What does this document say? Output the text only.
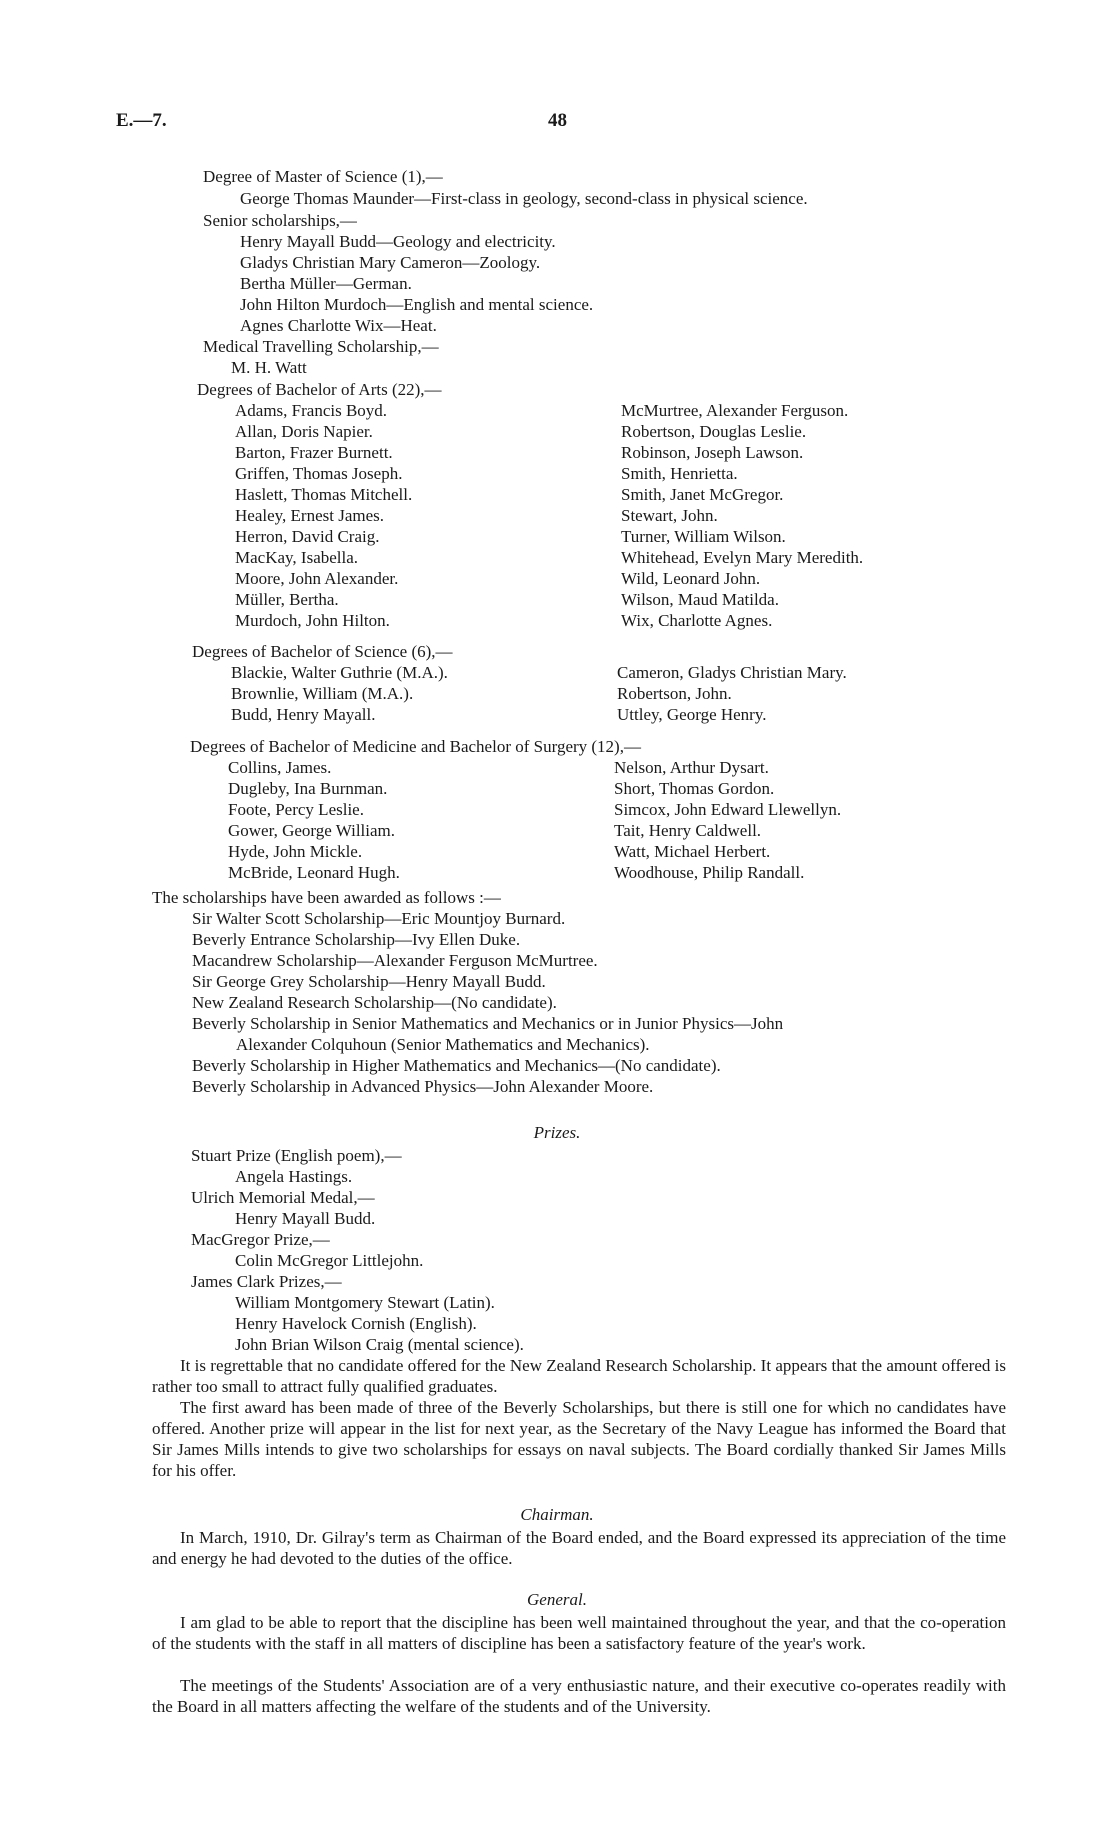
E.—7.	48
Degree of Master of Science (1),—
George Thomas Maunder—First-class in geology, second-class in physical science.
Senior scholarships,—
Henry Mayall Budd—Geology and electricity.
Gladys Christian Mary Cameron—Zoology.
Bertha Müller—German.
John Hilton Murdoch—English and mental science.
Agnes Charlotte Wix—Heat.
Medical Travelling Scholarship,—
M. H. Watt
Degrees of Bachelor of Arts (22),—
Adams, Francis Boyd.
Allan, Doris Napier.
Barton, Frazer Burnett.
Griffen, Thomas Joseph.
Haslett, Thomas Mitchell.
Healey, Ernest James.
Herron, David Craig.
MacKay, Isabella.
Moore, John Alexander.
Müller, Bertha.
Murdoch, John Hilton.
McMurtree, Alexander Ferguson.
Robertson, Douglas Leslie.
Robinson, Joseph Lawson.
Smith, Henrietta.
Smith, Janet McGregor.
Stewart, John.
Turner, William Wilson.
Whitehead, Evelyn Mary Meredith.
Wild, Leonard John.
Wilson, Maud Matilda.
Wix, Charlotte Agnes.
Degrees of Bachelor of Science (6),—
Blackie, Walter Guthrie (M.A.).
Brownlie, William (M.A.).
Budd, Henry Mayall.
Cameron, Gladys Christian Mary.
Robertson, John.
Uttley, George Henry.
Degrees of Bachelor of Medicine and Bachelor of Surgery (12),—
Collins, James.
Dugleby, Ina Burnman.
Foote, Percy Leslie.
Gower, George William.
Hyde, John Mickle.
McBride, Leonard Hugh.
Nelson, Arthur Dysart.
Short, Thomas Gordon.
Simcox, John Edward Llewellyn.
Tait, Henry Caldwell.
Watt, Michael Herbert.
Woodhouse, Philip Randall.
The scholarships have been awarded as follows :—
Sir Walter Scott Scholarship—Eric Mountjoy Burnard.
Beverly Entrance Scholarship—Ivy Ellen Duke.
Macandrew Scholarship—Alexander Ferguson McMurtree.
Sir George Grey Scholarship—Henry Mayall Budd.
New Zealand Research Scholarship—(No candidate).
Beverly Scholarship in Senior Mathematics and Mechanics or in Junior Physics—John
Alexander Colquhoun (Senior Mathematics and Mechanics).
Beverly Scholarship in Higher Mathematics and Mechanics—(No candidate).
Beverly Scholarship in Advanced Physics—John Alexander Moore.
Prizes.
Stuart Prize (English poem),—
Angela Hastings.
Ulrich Memorial Medal,—
Henry Mayall Budd.
MacGregor Prize,—
Colin McGregor Littlejohn.
James Clark Prizes,—
William Montgomery Stewart (Latin).
Henry Havelock Cornish (English).
John Brian Wilson Craig (mental science).
It is regrettable that no candidate offered for the New Zealand Research Scholarship. It appears that the amount offered is rather too small to attract fully qualified graduates.
The first award has been made of three of the Beverly Scholarships, but there is still one for which no candidates have offered. Another prize will appear in the list for next year, as the Secretary of the Navy League has informed the Board that Sir James Mills intends to give two scholarships for essays on naval subjects. The Board cordially thanked Sir James Mills for his offer.
Chairman.
In March, 1910, Dr. Gilray's term as Chairman of the Board ended, and the Board expressed its appreciation of the time and energy he had devoted to the duties of the office.
General.
I am glad to be able to report that the discipline has been well maintained throughout the year, and that the co-operation of the students with the staff in all matters of discipline has been a satisfactory feature of the year's work.
The meetings of the Students' Association are of a very enthusiastic nature, and their executive co-operates readily with the Board in all matters affecting the welfare of the students and of the University.
